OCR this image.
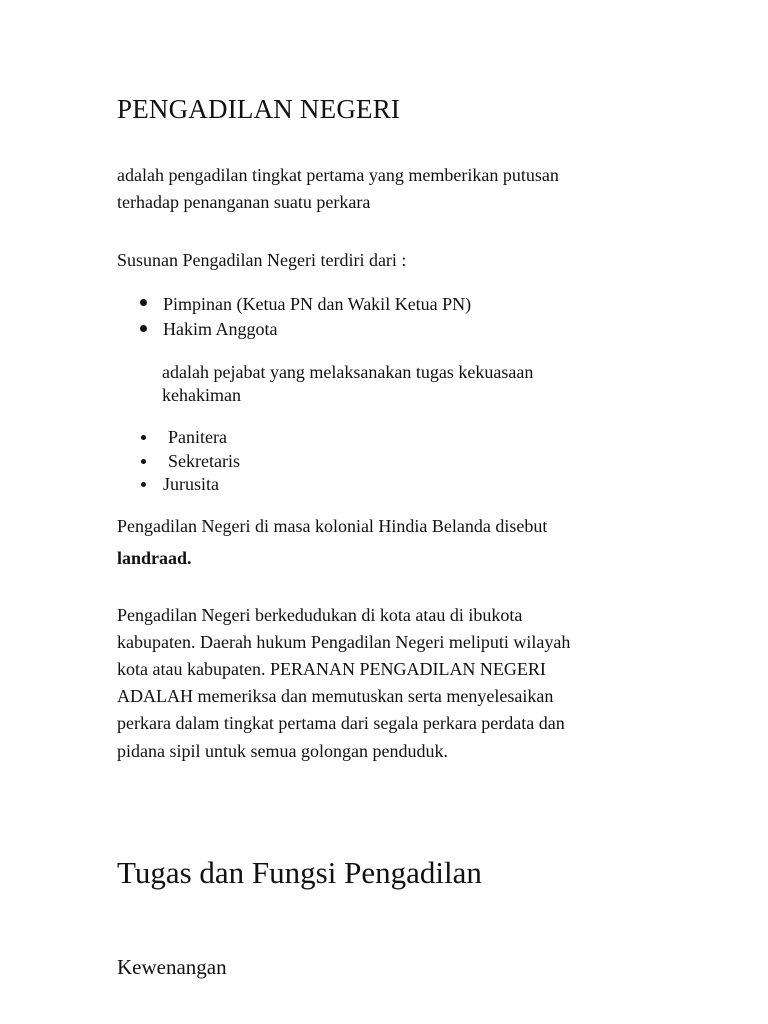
PENGADILAN NEGERI
adalah pengadilan tingkat pertama yang memberikan putusan
terhadap penanganan suatu perkara
Susunan Pengadilan Negeri terdiri dari :
Pimpinan (Ketua PN dan Wakil Ketua PN)
Hakim Anggota
adalah pejabat yang melaksanakan tugas kekuasaan
kehakiman
Panitera
Sekretaris
Jurusita
Pengadilan Negeri di masa kolonial Hindia Belanda disebut
landraad.
Pengadilan Negeri berkedudukan di kota atau di ibukota
kabupaten. Daerah hukum Pengadilan Negeri meliputi wilayah
kota atau kabupaten. PERANAN PENGADILAN NEGERI
ADALAH memeriksa dan memutuskan serta menyelesaikan
perkara dalam tingkat pertama dari segala perkara perdata dan
pidana sipil untuk semua golongan penduduk.
Tugas dan Fungsi Pengadilan
Kewenangan
